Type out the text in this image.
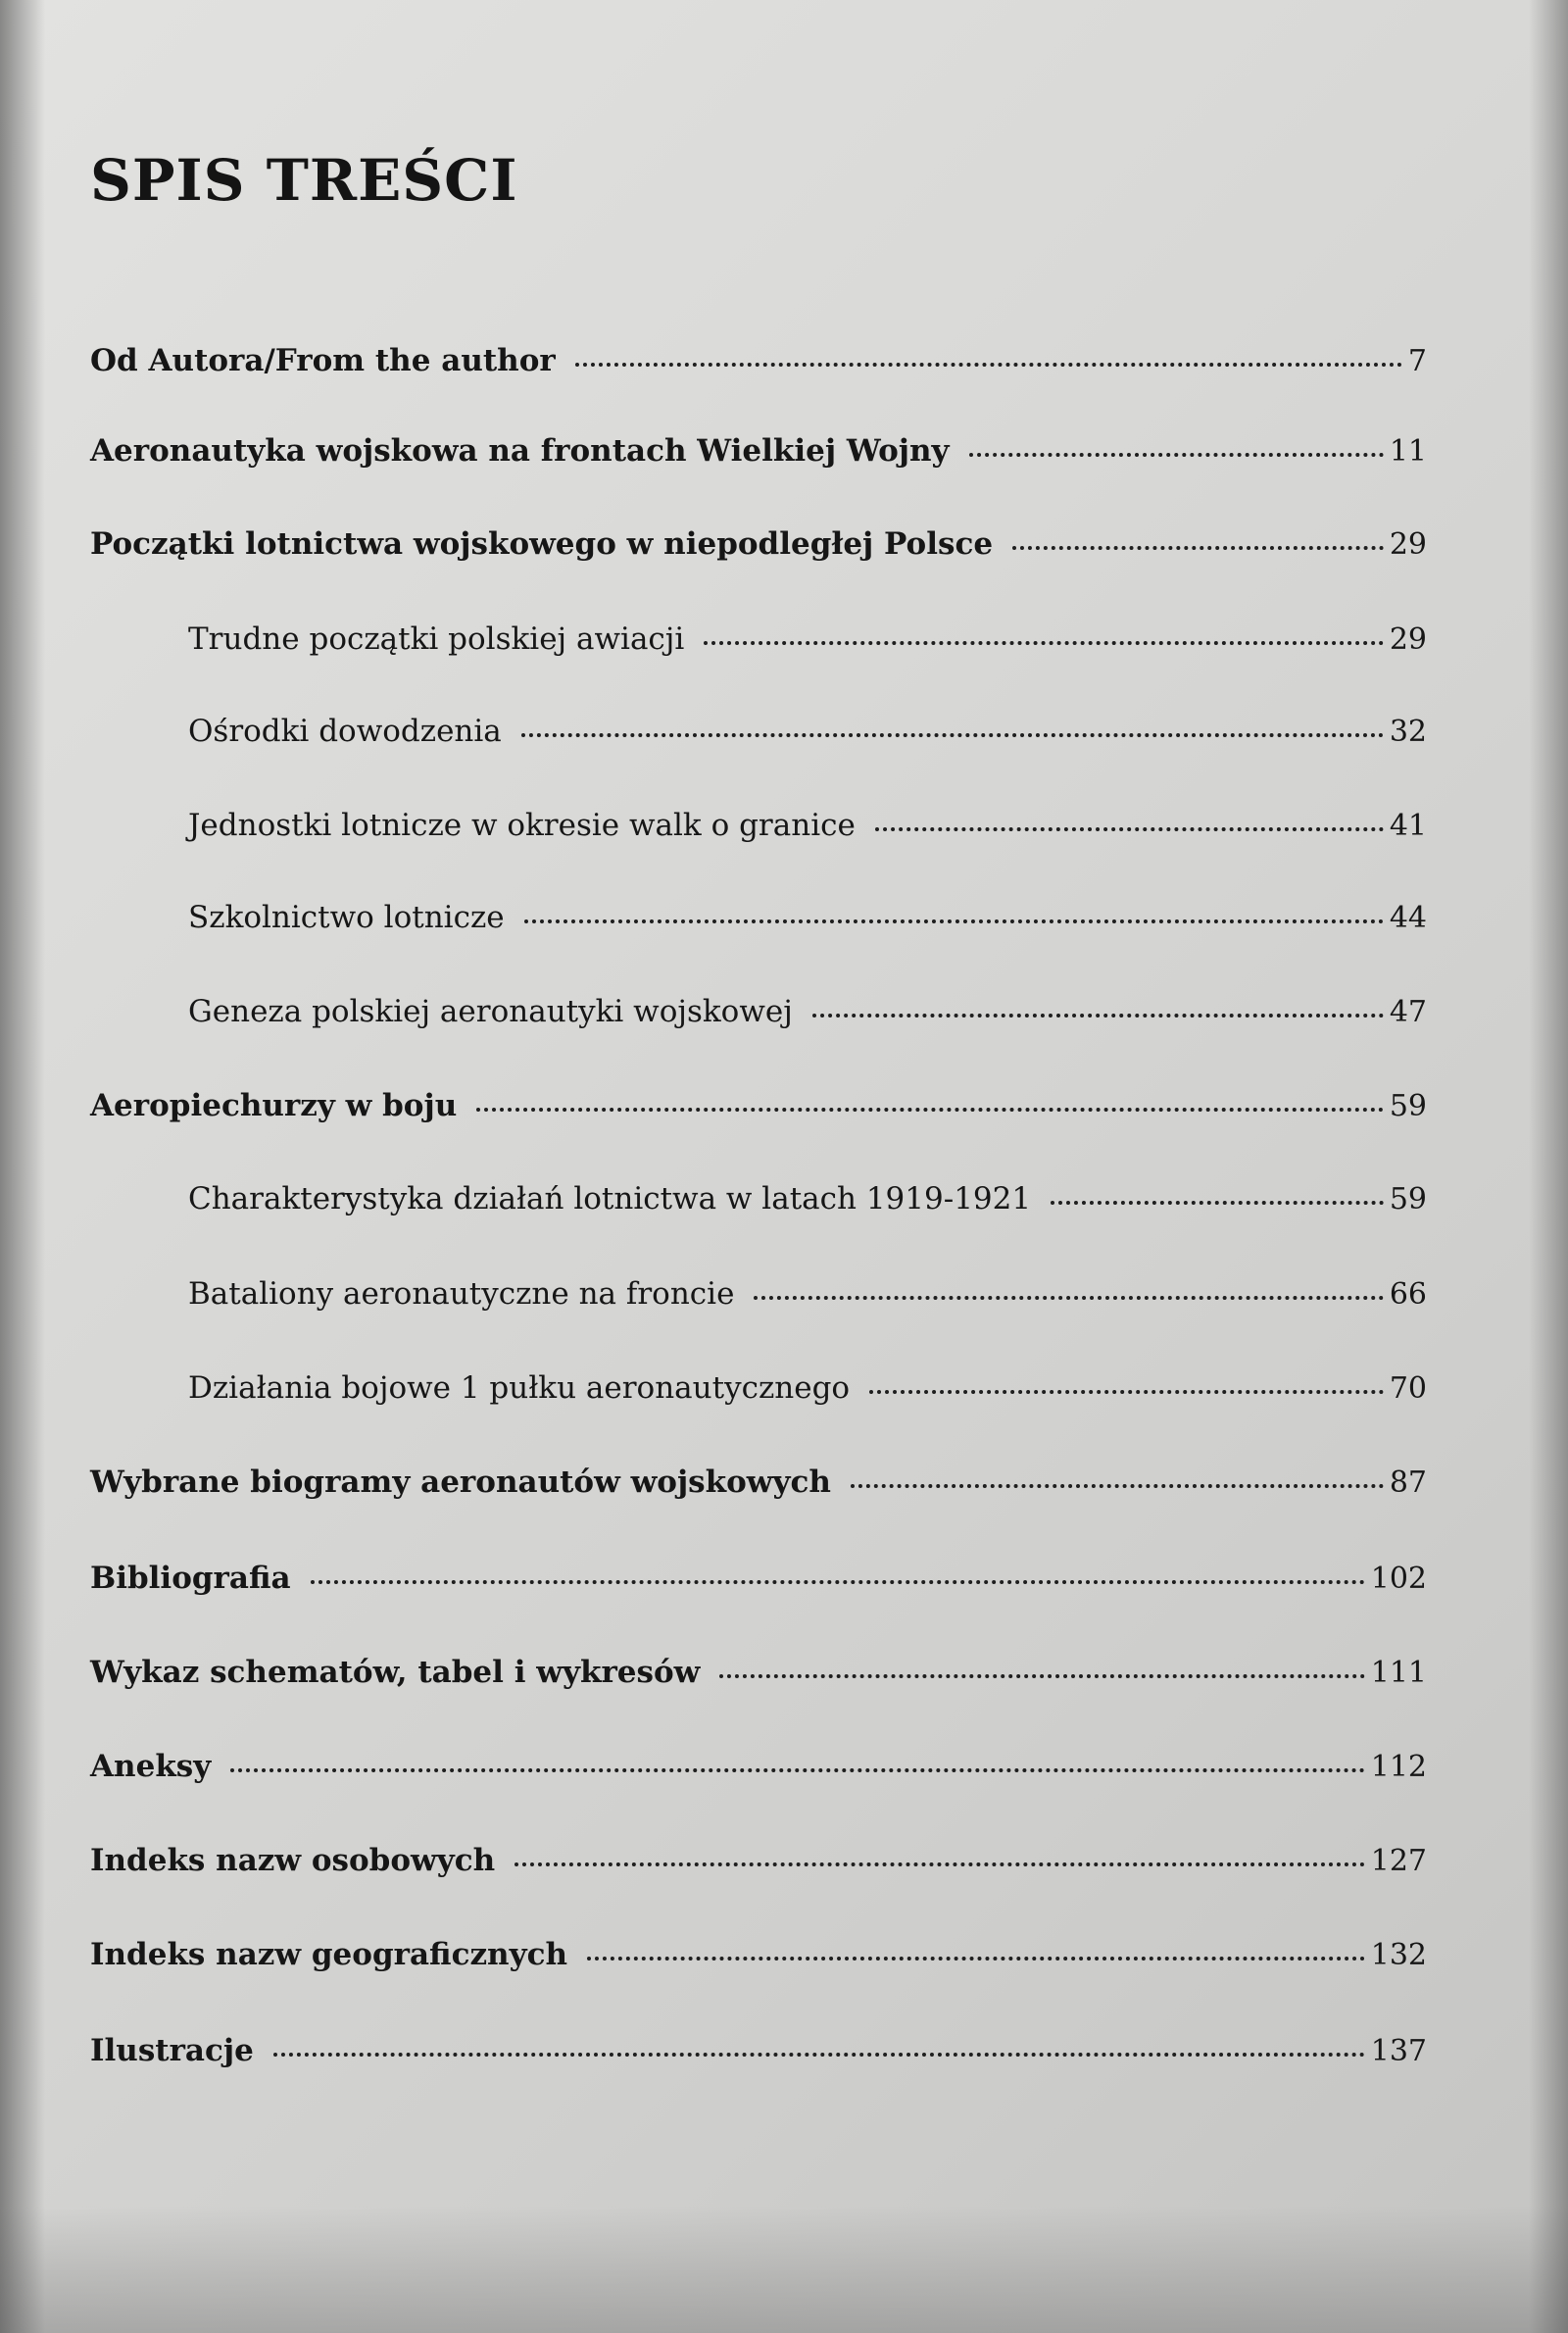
SPIS TREŚCI
Od Autora/From the author	7
Aeronautyka wojskowa na frontach Wielkiej Wojny	11
Początki lotnictwa wojskowego w niepodległej Polsce	29
Trudne początki polskiej awiacji	29
Ośrodki dowodzenia	32
Jednostki lotnicze w okresie walk o granice	41
Szkolnictwo lotnicze	44
Geneza polskiej aeronautyki wojskowej	47
Aeropiechurzy w boju	59
Charakterystyka działań lotnictwa w latach 1919-1921	59
Bataliony aeronautyczne na froncie	66
Działania bojowe 1 pułku aeronautycznego	70
Wybrane biogramy aeronautów wojskowych	87
Bibliografia	102
Wykaz schematów, tabel i wykresów	111
Aneksy	112
Indeks nazw osobowych	127
Indeks nazw geograficznych	132
Ilustracje	137
